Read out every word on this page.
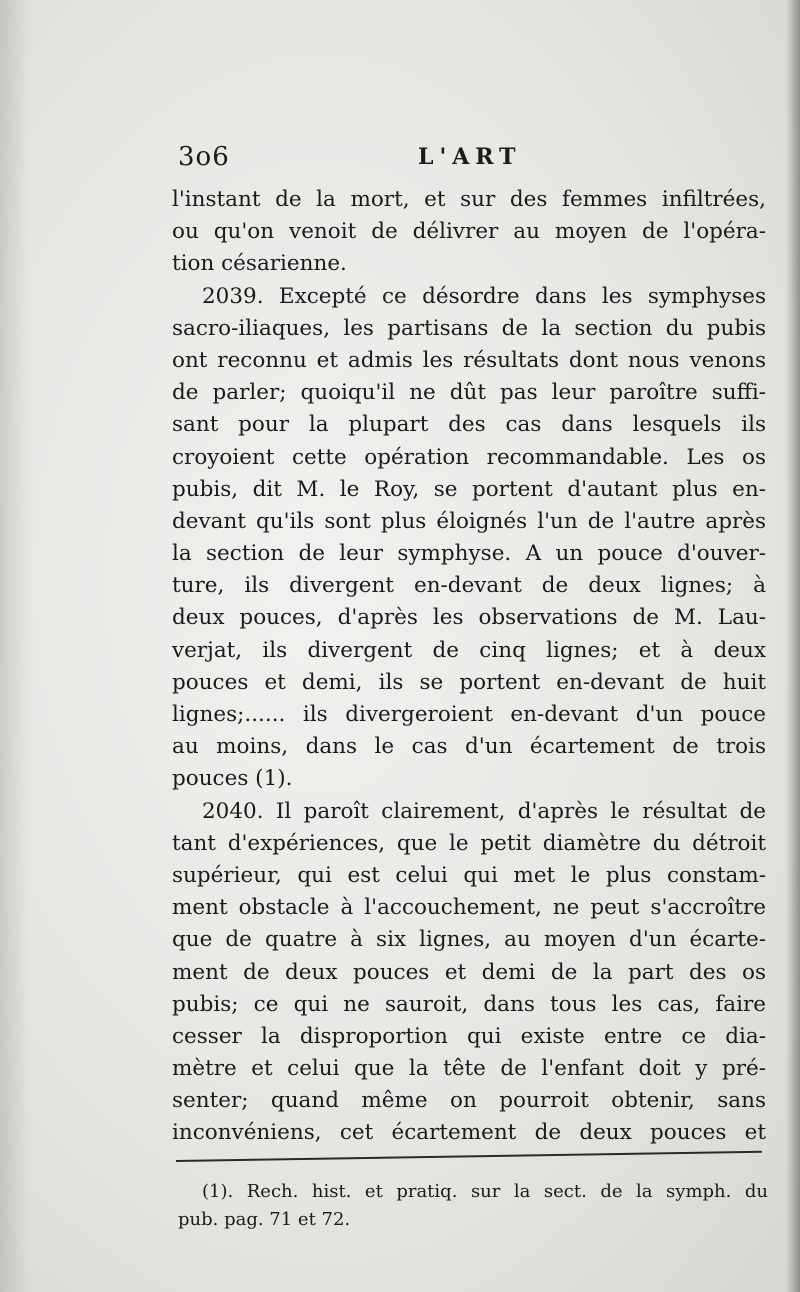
3o6	L'ART
l'instant de la mort, et sur des femmes infiltrées,
ou qu'on venoit de délivrer au moyen de l'opéra-
tion césarienne.
2039. Excepté ce désordre dans les symphyses
sacro-iliaques, les partisans de la section du pubis
ont reconnu et admis les résultats dont nous venons
de parler; quoiqu'il ne dût pas leur paroître suffi-
sant pour la plupart des cas dans lesquels ils
croyoient cette opération recommandable. Les os
pubis, dit M. le Roy, se portent d'autant plus en-
devant qu'ils sont plus éloignés l'un de l'autre après
la section de leur symphyse. A un pouce d'ouver-
ture, ils divergent en-devant de deux lignes; à
deux pouces, d'après les observations de M. Lau-
verjat, ils divergent de cinq lignes; et à deux
pouces et demi, ils se portent en-devant de huit
lignes;...... ils divergeroient en-devant d'un pouce
au moins, dans le cas d'un écartement de trois
pouces (1).
2040. Il paroît clairement, d'après le résultat de
tant d'expériences, que le petit diamètre du détroit
supérieur, qui est celui qui met le plus constam-
ment obstacle à l'accouchement, ne peut s'accroître
que de quatre à six lignes, au moyen d'un écarte-
ment de deux pouces et demi de la part des os
pubis; ce qui ne sauroit, dans tous les cas, faire
cesser la disproportion qui existe entre ce dia-
mètre et celui que la tête de l'enfant doit y pré-
senter; quand même on pourroit obtenir, sans
inconvéniens, cet écartement de deux pouces et
(1). Rech. hist. et pratiq. sur la sect. de la symph. du
pub. pag. 71 et 72.
